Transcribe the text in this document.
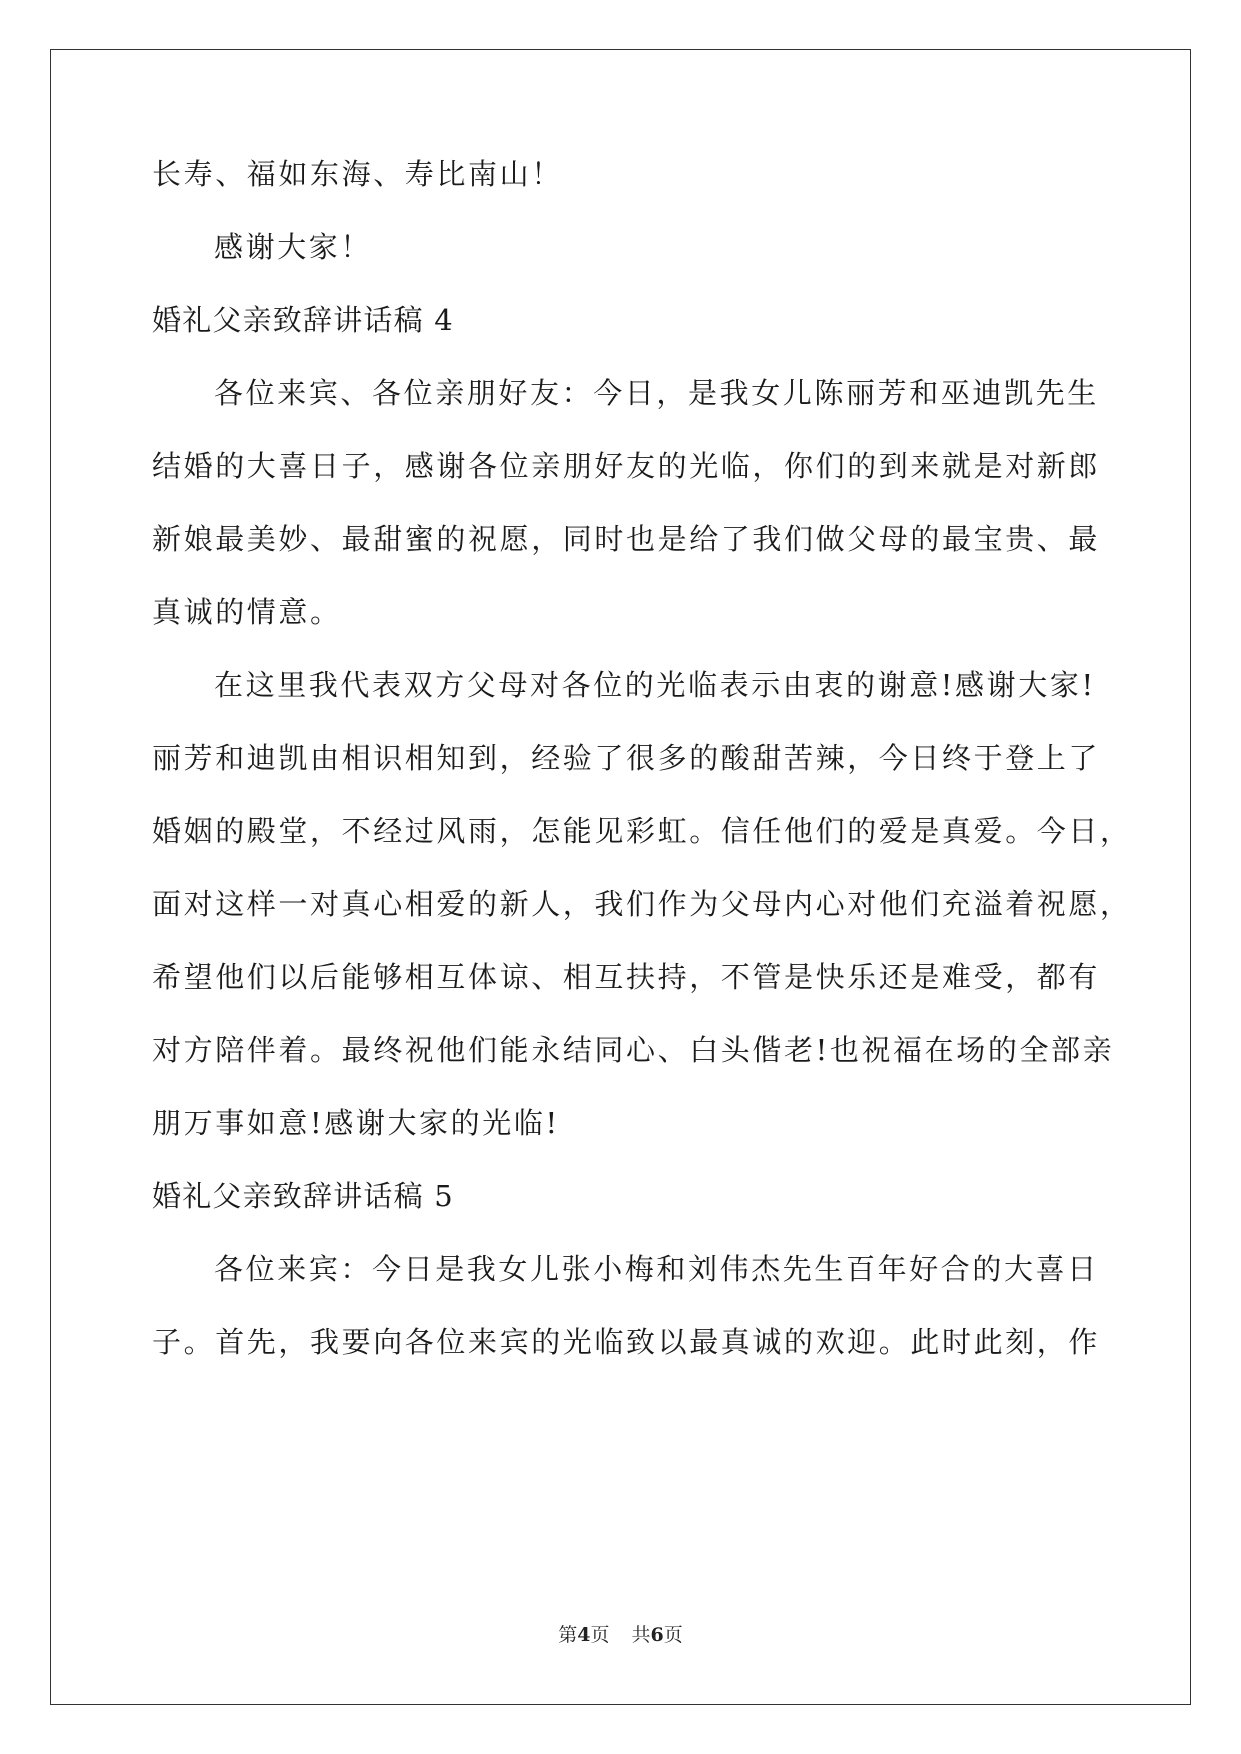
长寿、福如东海、寿比南山！
感谢大家！
婚礼父亲致辞讲话稿 4
各位来宾、各位亲朋好友：今日，是我女儿陈丽芳和巫迪凯先生
结婚的大喜日子，感谢各位亲朋好友的光临，你们的到来就是对新郎
新娘最美妙、最甜蜜的祝愿，同时也是给了我们做父母的最宝贵、最
真诚的情意。
在这里我代表双方父母对各位的光临表示由衷的谢意!感谢大家!
丽芳和迪凯由相识相知到，经验了很多的酸甜苦辣，今日终于登上了
婚姻的殿堂，不经过风雨，怎能见彩虹。信任他们的爱是真爱。今日，
面对这样一对真心相爱的新人，我们作为父母内心对他们充溢着祝愿，
希望他们以后能够相互体谅、相互扶持，不管是快乐还是难受，都有
对方陪伴着。最终祝他们能永结同心、白头偕老!也祝福在场的全部亲
朋万事如意!感谢大家的光临!
婚礼父亲致辞讲话稿 5
各位来宾：今日是我女儿张小梅和刘伟杰先生百年好合的大喜日
子。首先，我要向各位来宾的光临致以最真诚的欢迎。此时此刻，作
第4页 共6页
